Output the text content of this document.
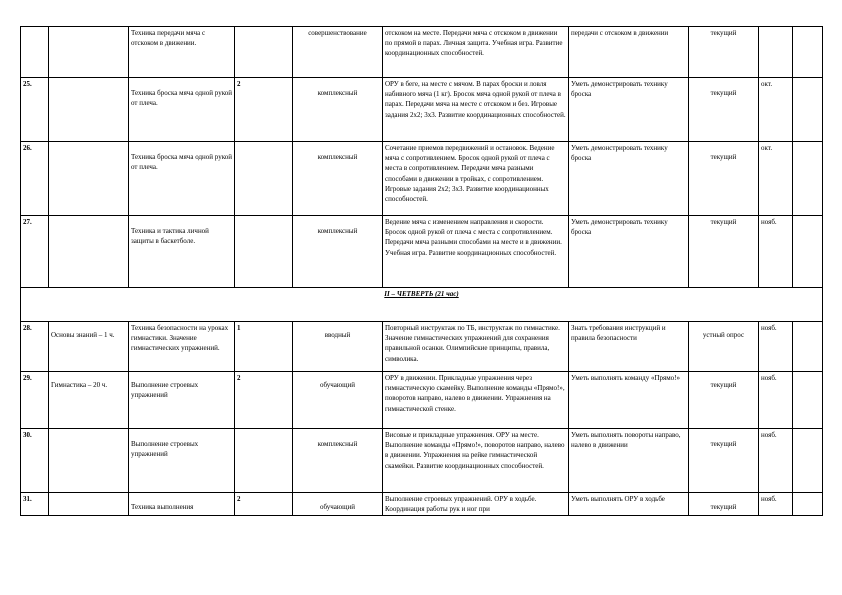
		Техника передачи мяча с отскоком в движении.		совершенствование	отскоком на месте. Передачи мяча с отскоком в движении по прямой в парах. Личная защита. Учебная игра. Развитие координационных способностей.	передачи с отскоком в движении	текущий		
25.		Техника броска мяча одной рукой от плеча.	2	комплексный	ОРУ в беге, на месте с мячом. В парах броски и ловля набивного мяча (1 кг). Бросок мяча одной рукой от плеча в парах. Передачи мяча на месте с отскоком и без. Игровые задания 2х2; 3х3. Развитие координационных способностей.	Уметь демонстрировать технику броска	текущий	окт.	
26.		Техника броска мяча одной рукой от плеча.		комплексный	Сочетание приемов передвижений и остановок. Ведение мяча с сопротивлением. Бросок одной рукой от плеча с места в сопротивлением. Передачи мяча разными способами в движении в тройках, с сопротивлением. Игровые задания 2х2; 3х3. Развитие координационных способностей.	Уметь демонстрировать технику броска	текущий	окт.	
27.		Техника и тактика личной защиты в баскетболе.		комплексный	Ведение мяча с изменением направления и скорости. Бросок одной рукой от плеча с места с сопротивлением. Передачи мяча разными способами на месте и в движении. Учебная игра. Развитие координационных способностей.	Уметь демонстрировать технику броска	текущий	нояб.	
II – ЧЕТВЕРТЬ (21 час)									
28.	Основы знаний – 1 ч.	Техника безопасности на уроках гимнастики. Значение гимнастических упражнений.	1	вводный	Повторный инструктаж по ТБ, инструктаж по гимнастике. Значение гимнастических упражнений для сохранения правильной осанки. Олимпийские принципы, правила, символика.	Знать требования инструкций и правила безопасности	устный опрос	нояб.	
29.	Гимнастика – 20 ч.	Выполнение строевых упражнений	2	обучающий	ОРУ в движении. Прикладные упражнения через гимнастическую скамейку. Выполнение команды «Прямо!», поворотов направо, налево в движении. Упражнения на гимнастической стенке.	Уметь выполнять команду «Прямо!»	текущий	нояб.	
30.		Выполнение строевых упражнений		комплексный	Висовые и прикладные упражнения. ОРУ на месте. Выполнение команды «Прямо!», поворотов направо, налево в движении. Упражнения на рейке гимнастической скамейки. Развитие координационных способностей.	Уметь выполнять повороты направо, налево в движении	текущий	нояб.	
31.		Техника выполнения	2	обучающий	Выполнение строевых упражнений. ОРУ в ходьбе. Координация работы рук и ног при	Уметь выполнять ОРУ в ходьбе	текущий	нояб.	
